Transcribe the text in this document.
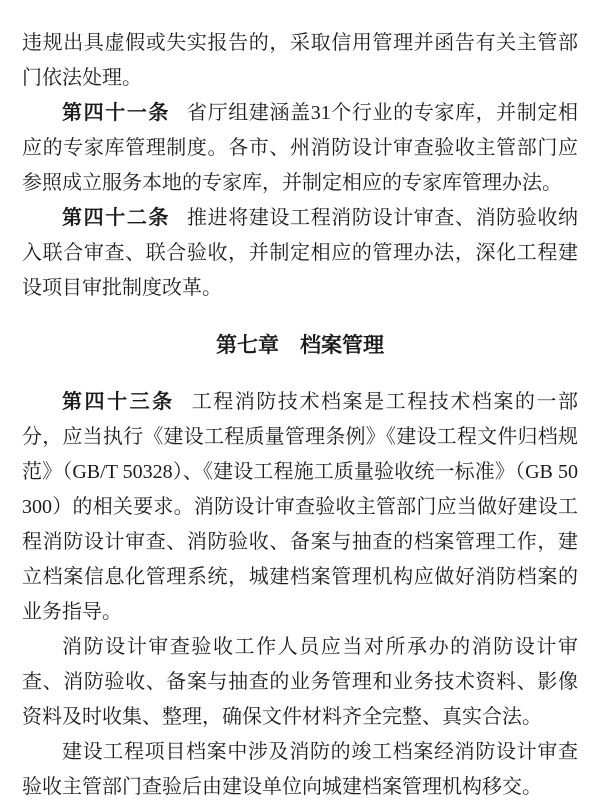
违规出具虚假或失实报告的，采取信用管理并函告有关主管部门依法处理。

第四十一条 省厅组建涵盖31个行业的专家库，并制定相应的专家库管理制度。各市、州消防设计审查验收主管部门应参照成立服务本地的专家库，并制定相应的专家库管理办法。

第四十二条 推进将建设工程消防设计审查、消防验收纳入联合审查、联合验收，并制定相应的管理办法，深化工程建设项目审批制度改革。

第七章　档案管理

第四十三条 工程消防技术档案是工程技术档案的一部分，应当执行《建设工程质量管理条例》《建设工程文件归档规范》（GB/T 50328）、《建设工程施工质量验收统一标准》（GB 50300）的相关要求。消防设计审查验收主管部门应当做好建设工程消防设计审查、消防验收、备案与抽查的档案管理工作，建立档案信息化管理系统，城建档案管理机构应做好消防档案的业务指导。

消防设计审查验收工作人员应当对所承办的消防设计审查、消防验收、备案与抽查的业务管理和业务技术资料、影像资料及时收集、整理，确保文件材料齐全完整、真实合法。

建设工程项目档案中涉及消防的竣工档案经消防设计审查验收主管部门查验后由建设单位向城建档案管理机构移交。
